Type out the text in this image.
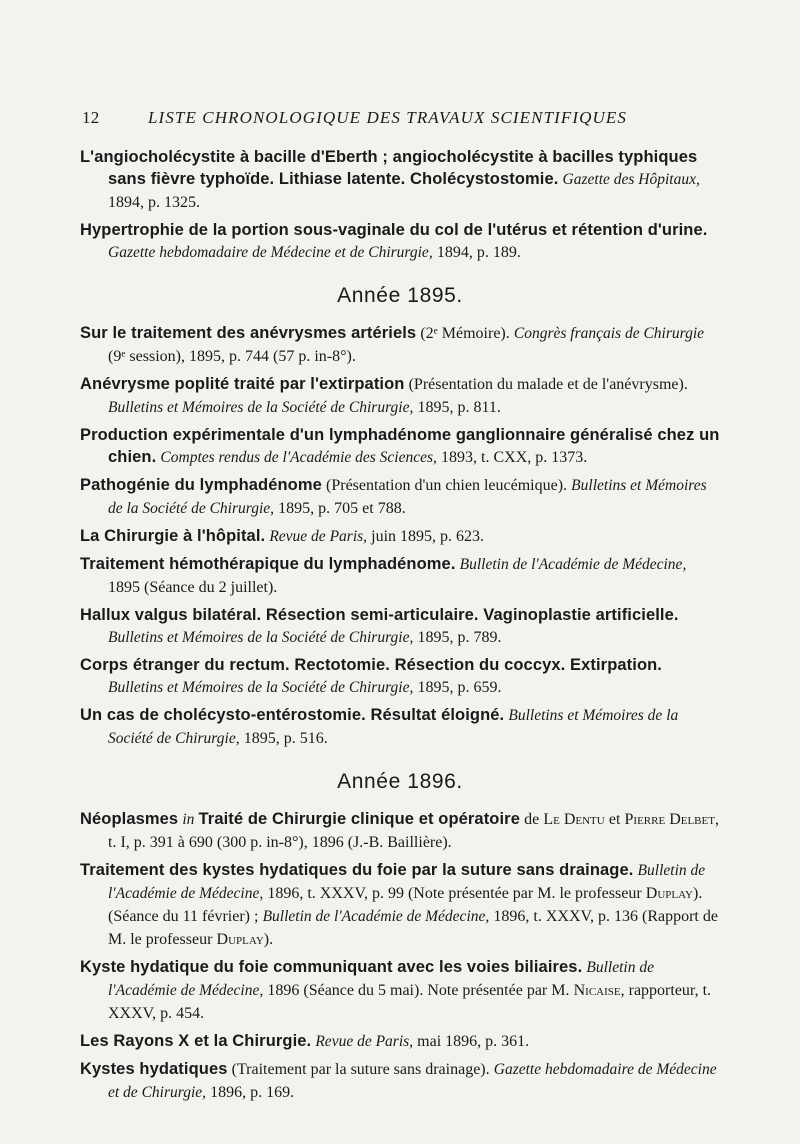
12	LISTE CHRONOLOGIQUE DES TRAVAUX SCIENTIFIQUES
L'angiocholécystite à bacille d'Eberth ; angiocholécystite à bacilles typhiques sans fièvre typhoïde. Lithiase latente. Cholécystostomie. Gazette des Hôpitaux, 1894, p. 1325.
Hypertrophie de la portion sous-vaginale du col de l'utérus et rétention d'urine. Gazette hebdomadaire de Médecine et de Chirurgie, 1894, p. 189.
Année 1895.
Sur le traitement des anévrysmes artériels (2ᵉ Mémoire). Congrès français de Chirurgie (9ᵉ session), 1895, p. 744 (57 p. in-8°).
Anévrysme poplité traité par l'extirpation (Présentation du malade et de l'anévrysme). Bulletins et Mémoires de la Société de Chirurgie, 1895, p. 811.
Production expérimentale d'un lymphadénome ganglionnaire généralisé chez un chien. Comptes rendus de l'Académie des Sciences, 1893, t. CXX, p. 1373.
Pathogénie du lymphadénome (Présentation d'un chien leucémique). Bulletins et Mémoires de la Société de Chirurgie, 1895, p. 705 et 788.
La Chirurgie à l'hôpital. Revue de Paris, juin 1895, p. 623.
Traitement hémothérapique du lymphadénome. Bulletin de l'Académie de Médecine, 1895 (Séance du 2 juillet).
Hallux valgus bilatéral. Résection semi-articulaire. Vaginoplastie artificielle. Bulletins et Mémoires de la Société de Chirurgie, 1895, p. 789.
Corps étranger du rectum. Rectotomie. Résection du coccyx. Extirpation. Bulletins et Mémoires de la Société de Chirurgie, 1895, p. 659.
Un cas de cholécysto-entérostomie. Résultat éloigné. Bulletins et Mémoires de la Société de Chirurgie, 1895, p. 516.
Année 1896.
Néoplasmes in Traité de Chirurgie clinique et opératoire de Le Dentu et Pierre Delbet, t. I, p. 391 à 690 (300 p. in-8°), 1896 (J.-B. Baillière).
Traitement des kystes hydatiques du foie par la suture sans drainage. Bulletin de l'Académie de Médecine, 1896, t. XXXV, p. 99 (Note présentée par M. le professeur Duplay). (Séance du 11 février) ; Bulletin de l'Académie de Médecine, 1896, t. XXXV, p. 136 (Rapport de M. le professeur Duplay).
Kyste hydatique du foie communiquant avec les voies biliaires. Bulletin de l'Académie de Médecine, 1896 (Séance du 5 mai). Note présentée par M. Nicaise, rapporteur, t. XXXV, p. 454.
Les Rayons X et la Chirurgie. Revue de Paris, mai 1896, p. 361.
Kystes hydatiques (Traitement par la suture sans drainage). Gazette hebdomadaire de Médecine et de Chirurgie, 1896, p. 169.
